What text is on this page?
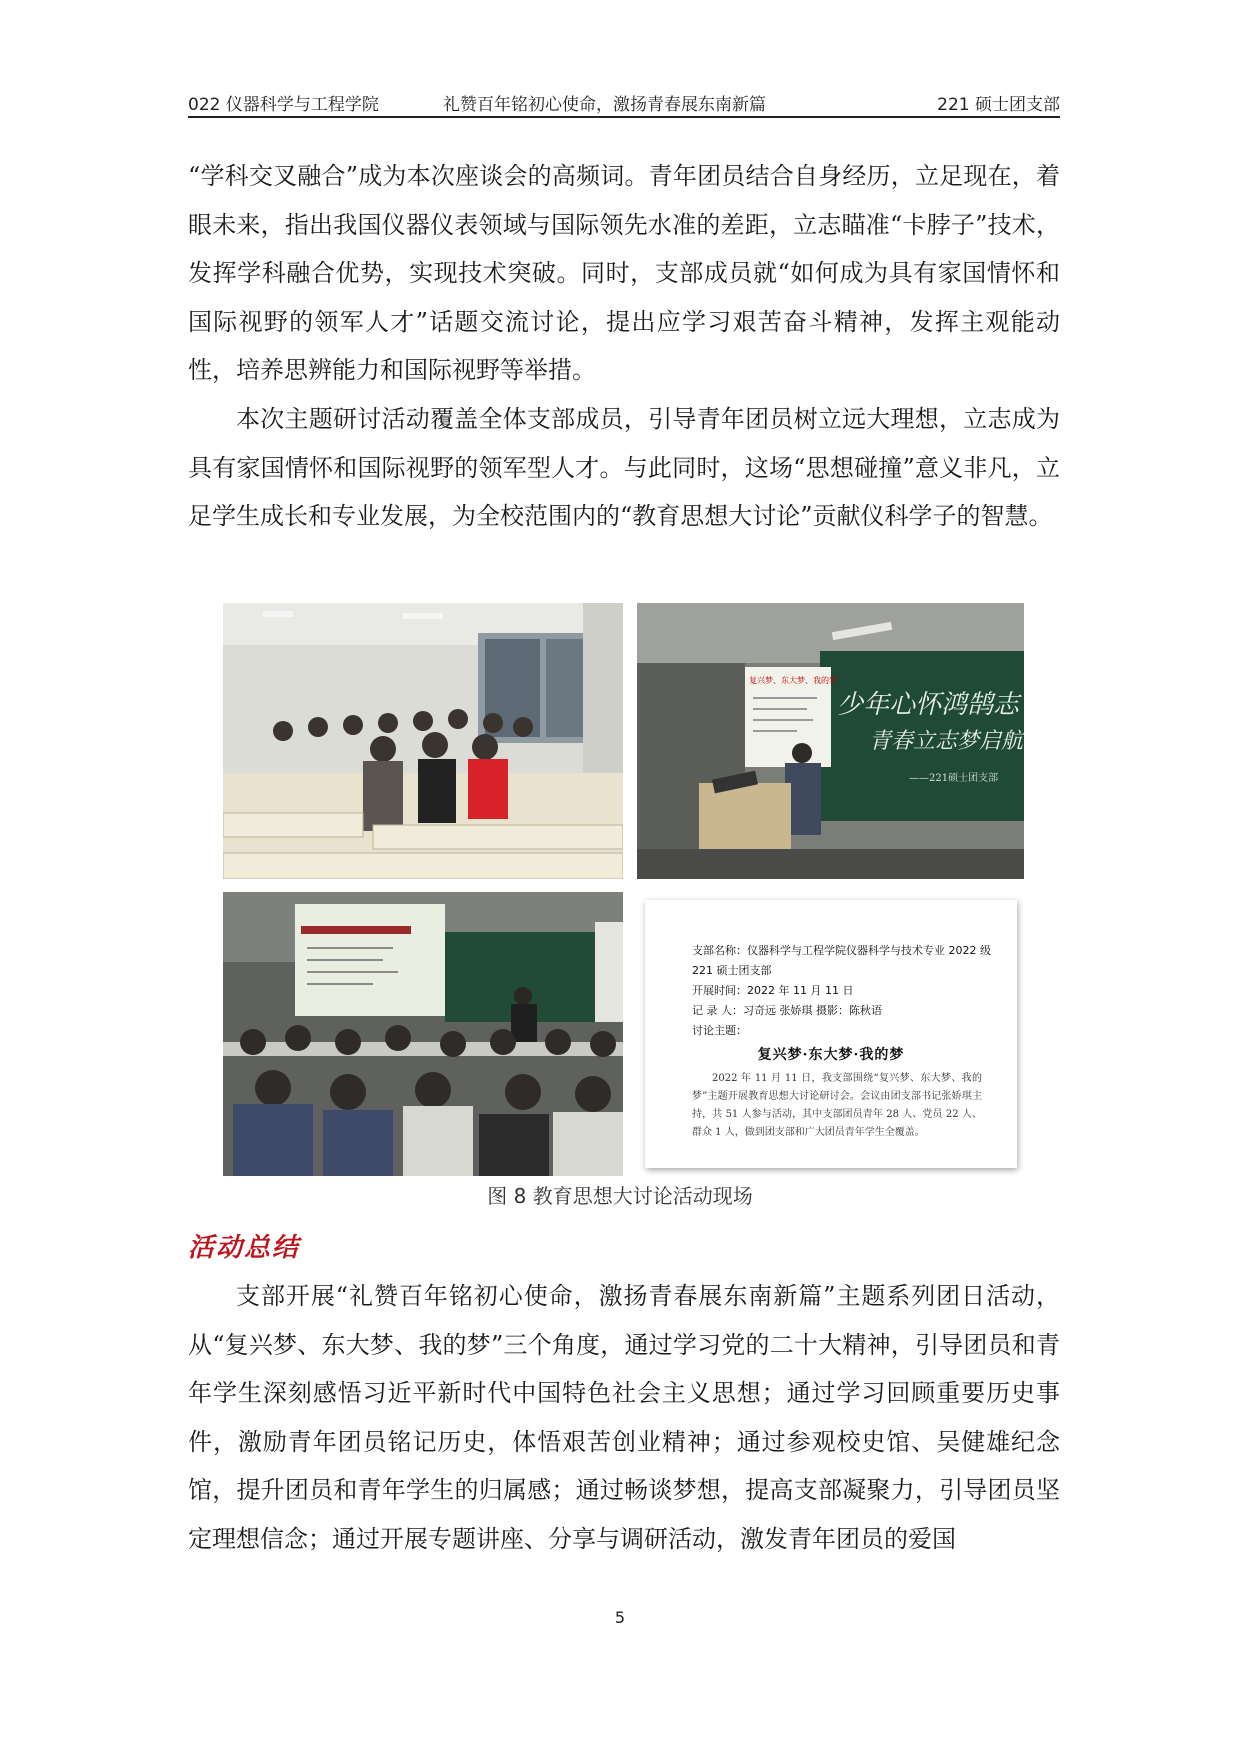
022 仪器科学与工程学院	礼赞百年铭初心使命，激扬青春展东南新篇	221 硕士团支部

“学科交叉融合”成为本次座谈会的高频词。青年团员结合自身经历，立足现在，着眼未来，指出我国仪器仪表领域与国际领先水准的差距，立志瞄准“卡脖子”技术，发挥学科融合优势，实现技术突破。同时，支部成员就“如何成为具有家国情怀和国际视野的领军人才”话题交流讨论，提出应学习艰苦奋斗精神，发挥主观能动性，培养思辨能力和国际视野等举措。

本次主题研讨活动覆盖全体支部成员，引导青年团员树立远大理想，立志成为具有家国情怀和国际视野的领军型人才。与此同时，这场“思想碰撞”意义非凡，立足学生成长和专业发展，为全校范围内的“教育思想大讨论”贡献仪科学子的智慧。

复兴梦、东大梦、我的梦
少年心怀鸿鹄志
青春立志梦启航
——221硕士团支部
支部名称：仪器科学与工程学院仪器科学与技术专业 2022 级
221 硕士团支部
开展时间：2022 年 11 月 11 日
记 录 人：习奇远 张娇琪 摄影：陈秋语
讨论主题：
复兴梦·东大梦·我的梦
2022 年 11 月 11 日，我支部围绕“复兴梦、东大梦、我的梦”主题开展教育思想大讨论研讨会。会议由团支部书记张娇琪主持，共 51 人参与活动，其中支部团员青年 28 人、党员 22 人、群众 1 人，做到团支部和广大团员青年学生全覆盖。
图 8 教育思想大讨论活动现场
活动总结

支部开展“礼赞百年铭初心使命，激扬青春展东南新篇”主题系列团日活动，从“复兴梦、东大梦、我的梦”三个角度，通过学习党的二十大精神，引导团员和青年学生深刻感悟习近平新时代中国特色社会主义思想；通过学习回顾重要历史事件，激励青年团员铭记历史，体悟艰苦创业精神；通过参观校史馆、吴健雄纪念馆，提升团员和青年学生的归属感；通过畅谈梦想，提高支部凝聚力，引导团员坚定理想信念；通过开展专题讲座、分享与调研活动，激发青年团员的爱国

5
